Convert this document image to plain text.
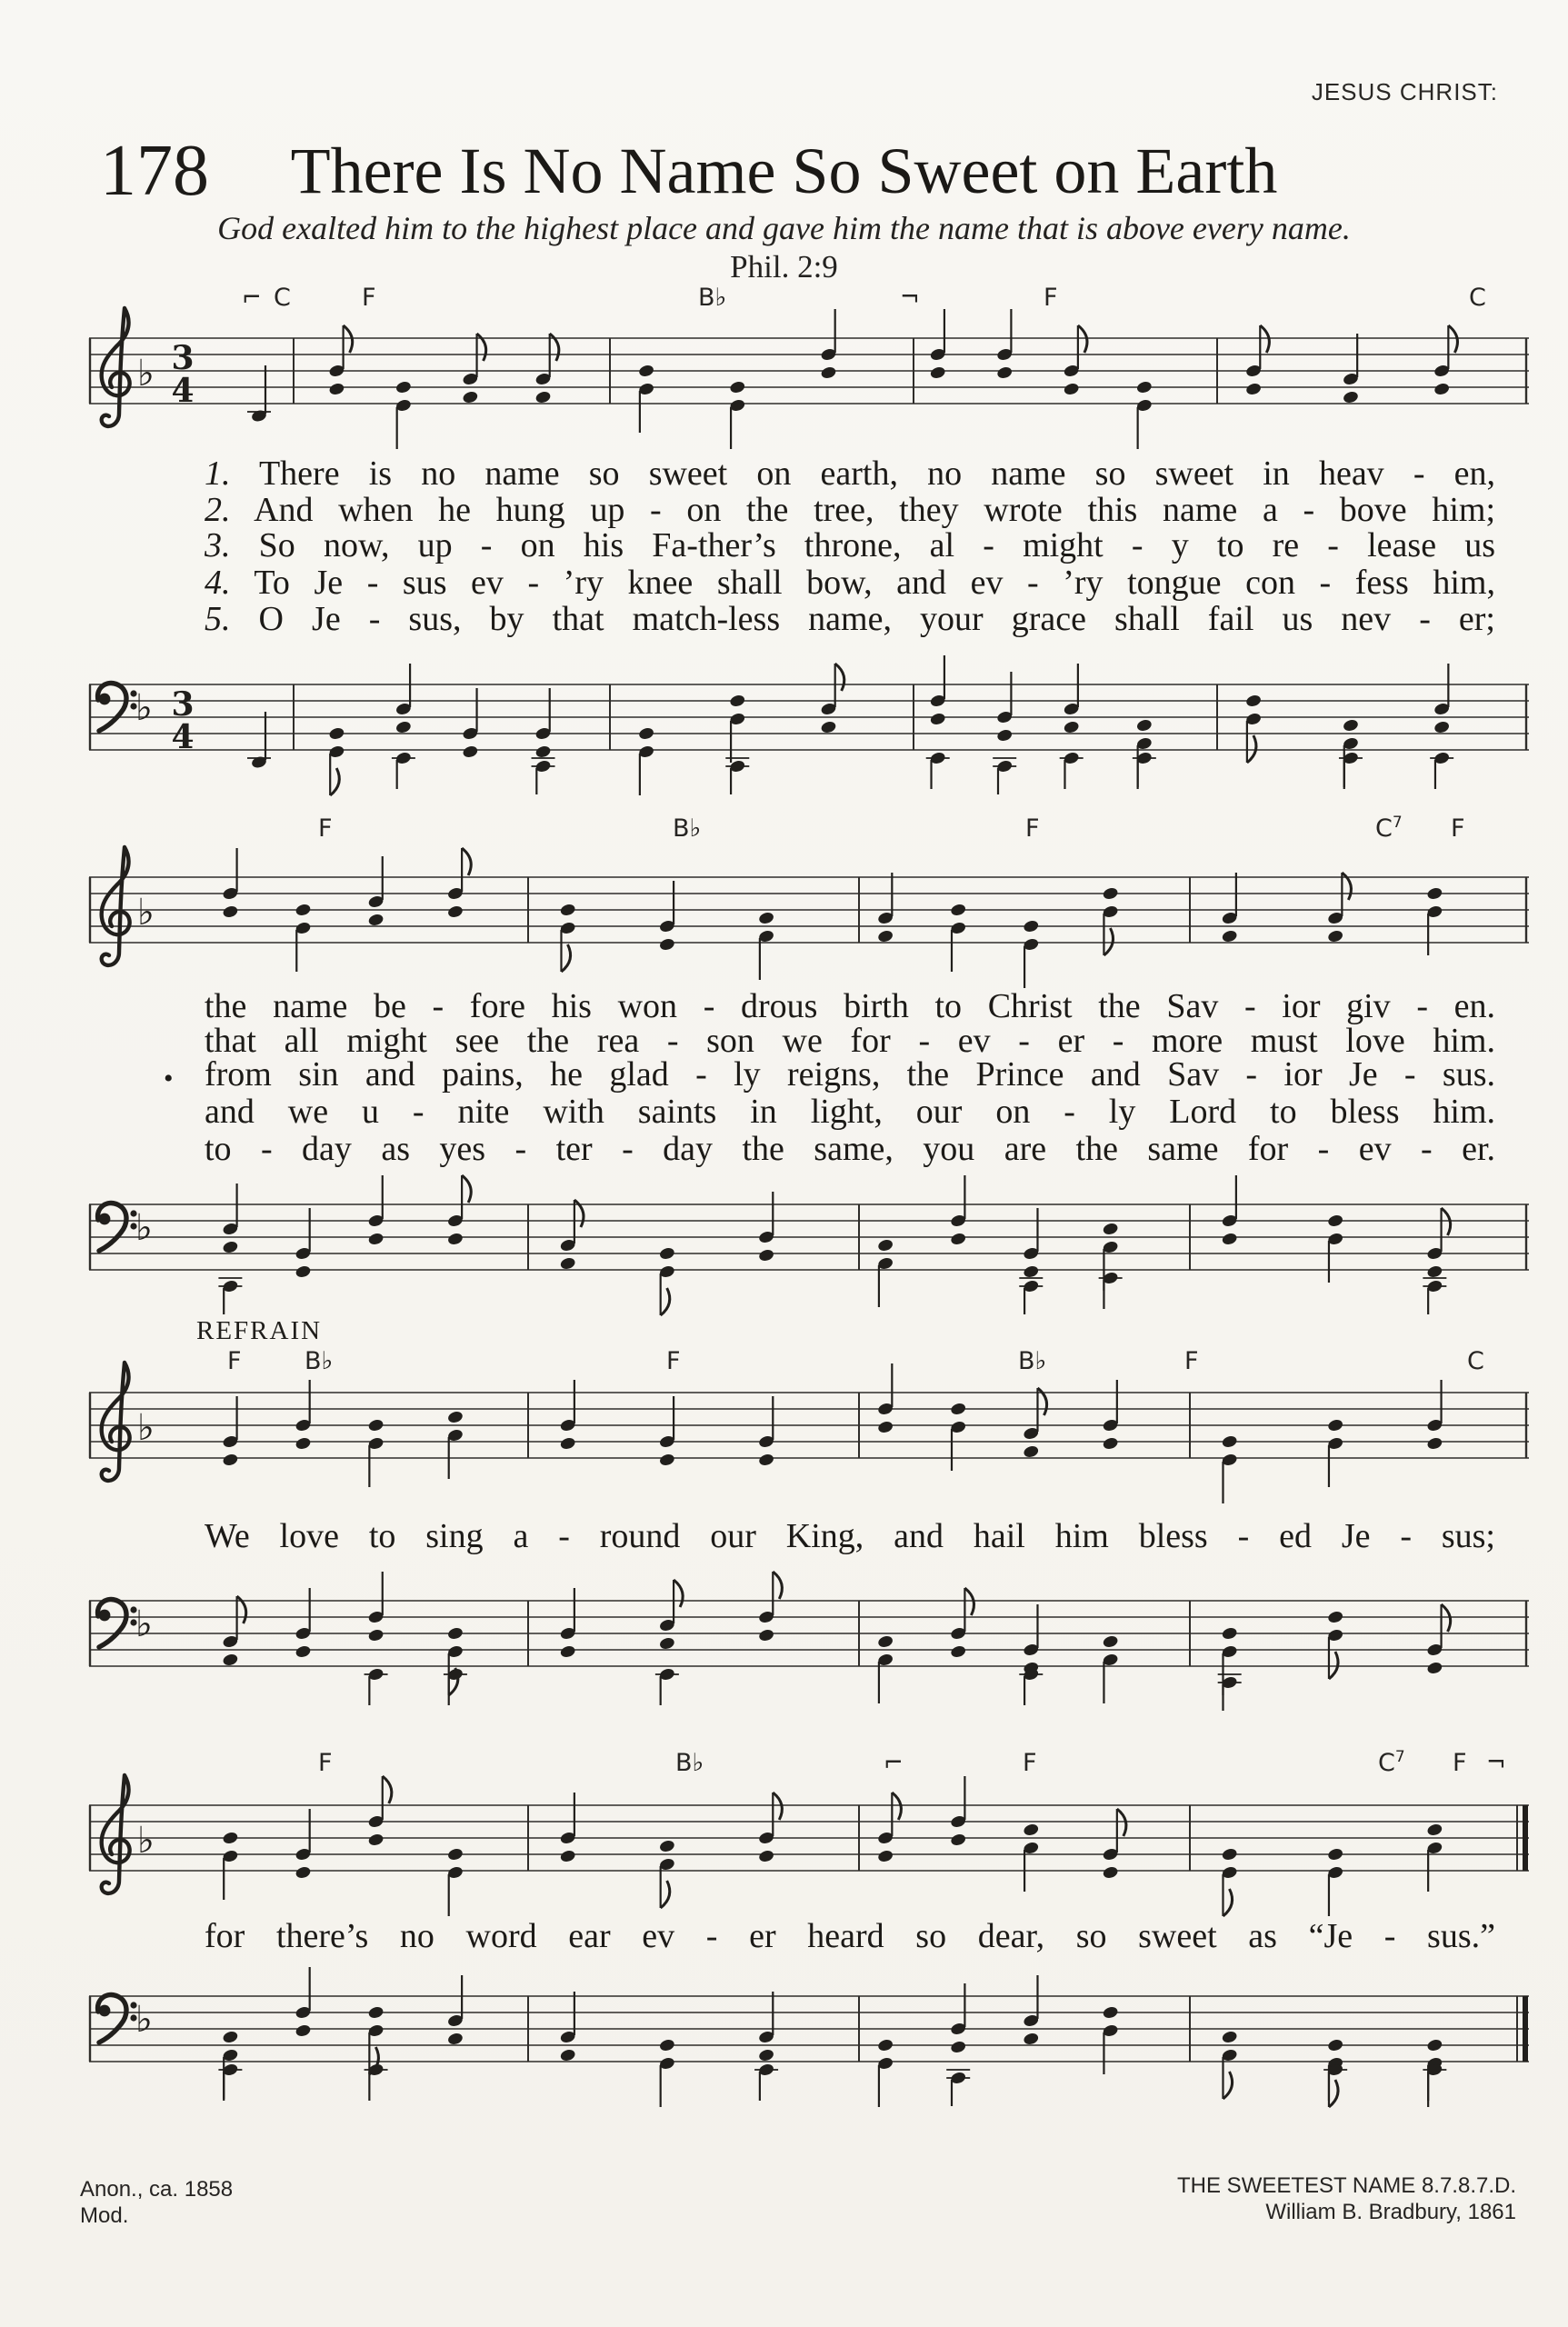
JESUS CHRIST:
178	There Is No Name So Sweet on Earth
God exalted him to the highest place and gave him the name that is above every name.
Phil. 2:9
⌐ C	F	B♭	¬	F	C
♭ 3
4
1. There is no name so sweet on earth, no name so sweet in heav - en,
2. And when he hung up - on the tree, they wrote this name a - bove him;
3. So now, up - on his Fa-ther’s throne, al - might - y to re - lease us
4. To Je - sus ev - ’ry knee shall bow, and ev - ’ry tongue con - fess him,
5. O Je - sus, by that match-less name, your grace shall fail us nev - er;
♭ 3
4
F	B♭	F	$C^7$ F
♭
the name be - fore his won - drous birth to Christ the Sav - ior giv - en.
that all might see the rea - son we for - ev - er - more must love him.
• from sin and pains, he glad - ly reigns, the Prince and Sav - ior Je - sus.
and we u - nite with saints in light, our on - ly Lord to bless him.
to - day as yes - ter - day the same, you are the same for - ev - er.
♭
REFRAIN
F	B♭	F	B♭	F	C
♭
We love to sing a - round our King, and hail him bless - ed Je - sus;
♭
F	B♭	⌐	F	$C^7$ F ¬
♭
for there’s no word ear ev - er heard so dear, so sweet as “Je - sus.”
♭
Anon., ca. 1858
Mod.
THE SWEETEST NAME 8.7.8.7.D.
William B. Bradbury, 1861
